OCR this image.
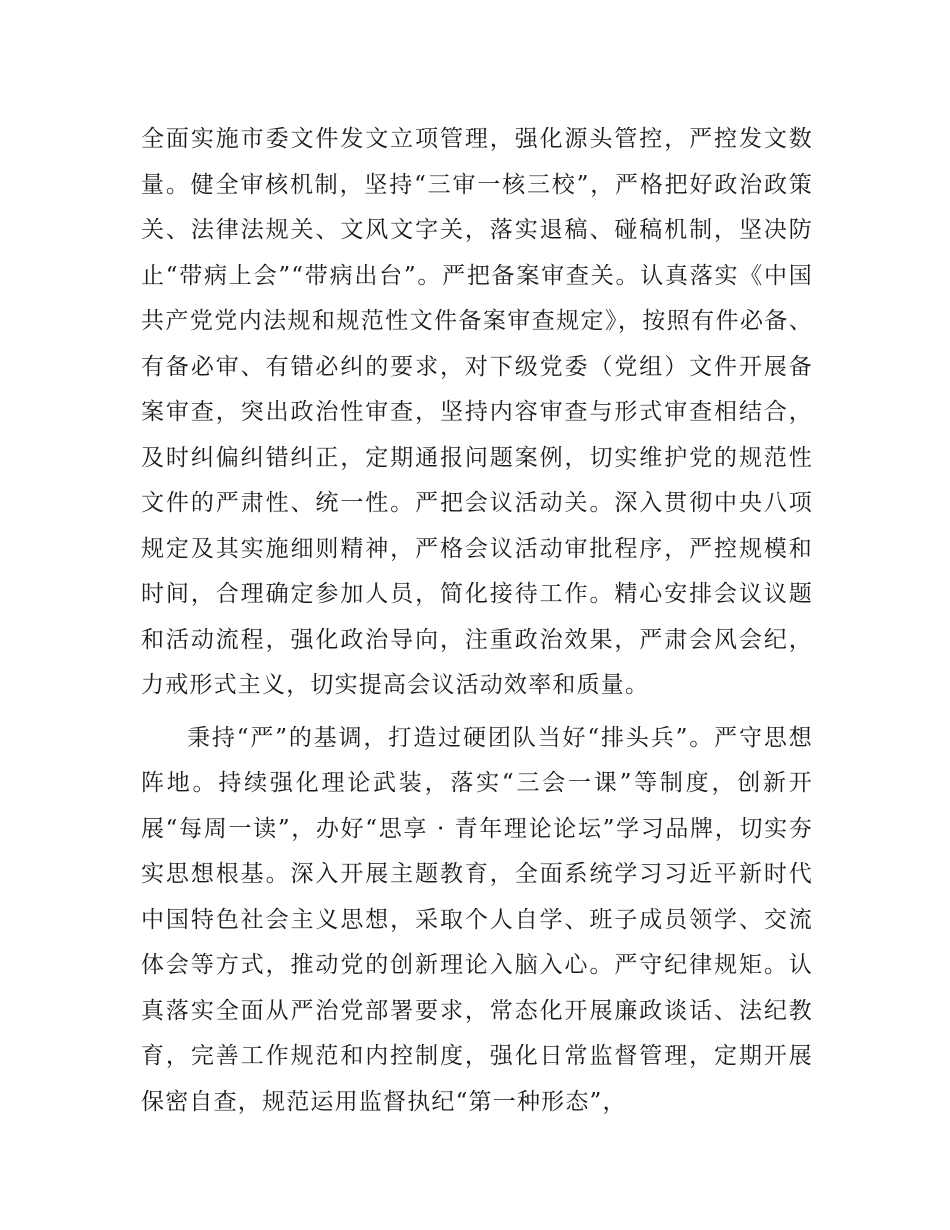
全面实施市委文件发文立项管理，强化源头管控，严控发文数量。健全审核机制，坚持“三审一核三校”，严格把好政治政策关、法律法规关、文风文字关，落实退稿、碰稿机制，坚决防止“带病上会”“带病出台”。严把备案审查关。认真落实《中国共产党党内法规和规范性文件备案审查规定》，按照有件必备、有备必审、有错必纠的要求，对下级党委（党组）文件开展备案审查，突出政治性审查，坚持内容审查与形式审查相结合，及时纠偏纠错纠正，定期通报问题案例，切实维护党的规范性文件的严肃性、统一性。严把会议活动关。深入贯彻中央八项规定及其实施细则精神，严格会议活动审批程序，严控规模和时间，合理确定参加人员，简化接待工作。精心安排会议议题和活动流程，强化政治导向，注重政治效果，严肃会风会纪，力戒形式主义，切实提高会议活动效率和质量。

秉持“严”的基调，打造过硬团队当好“排头兵”。严守思想阵地。持续强化理论武装，落实“三会一课”等制度，创新开展“每周一读”，办好“思享 · 青年理论论坛”学习品牌，切实夯实思想根基。深入开展主题教育，全面系统学习习近平新时代中国特色社会主义思想，采取个人自学、班子成员领学、交流体会等方式，推动党的创新理论入脑入心。严守纪律规矩。认真落实全面从严治党部署要求，常态化开展廉政谈话、法纪教育，完善工作规范和内控制度，强化日常监督管理，定期开展保密自查，规范运用监督执纪“第一种形态”，
